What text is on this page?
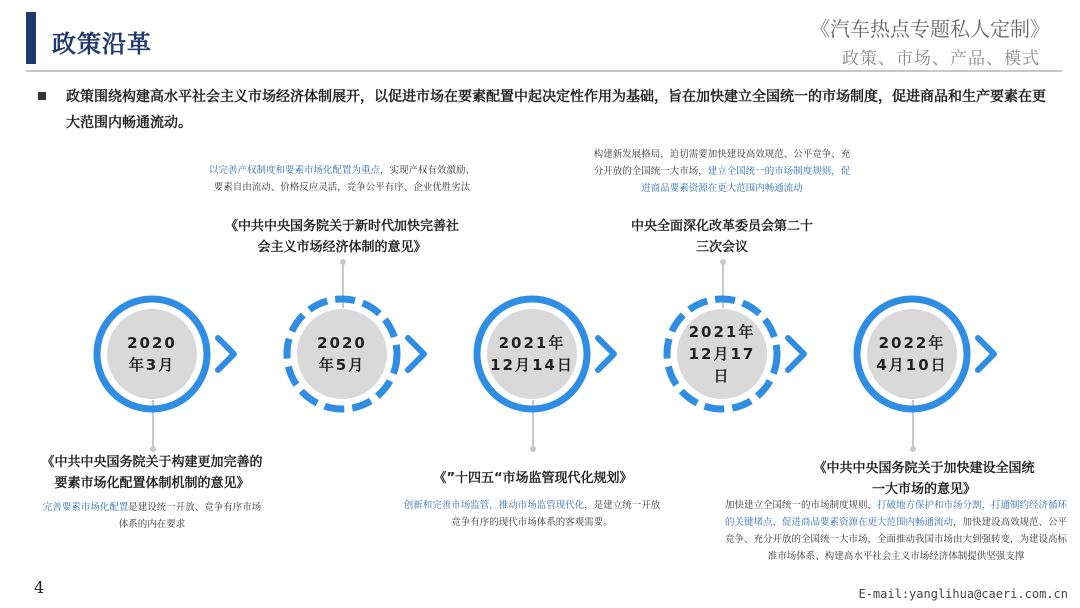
政策沿革
《汽车热点专题私人定制》
政策、市场、产品、模式
政策围绕构建高水平社会主义市场经济体制展开，以促进市场在要素配置中起决定性作用为基础，旨在加快建立全国统一的市场制度，促进商品和生产要素在更大范围内畅通流动。
2020
年3月
2020
年5月
2021年
12月14日
2021年
12月17
日
2022年
4月10日
《中共中央国务院关于构建更加完善的要素市场化配置体制机制的意见》
完善要素市场化配置是建设统一开放、竞争有序市场体系的内在要求
以完善产权制度和要素市场化配置为重点，实现产权有效激励、要素自由流动、价格反应灵活，竞争公平有序、企业优胜劣汰
《中共中央国务院关于新时代加快完善社会主义市场经济体制的意见》
《”十四五“市场监管现代化规划》
创新和完善市场监管，推动市场监管现代化，是建立统一开放竞争有序的现代市场体系的客观需要。
构建新发展格局，迫切需要加快建设高效规范、公平竞争、充分开放的全国统一大市场，建立全国统一的市场制度规则，促进商品要素资源在更大范围内畅通流动
中央全面深化改革委员会第二十三次会议
《中共中央国务院关于加快建设全国统一大市场的意见》
加快建立全国统一的市场制度规则，打破地方保护和市场分割，打通制约经济循环的关键堵点，促进商品要素资源在更大范围内畅通流动，加快建设高效规范、公平竞争、充分开放的全国统一大市场，全面推动我国市场由大到强转变，为建设高标准市场体系、构建高水平社会主义市场经济体制提供坚强支撑
4	E-mail:yanglihua@caeri.com.cn
